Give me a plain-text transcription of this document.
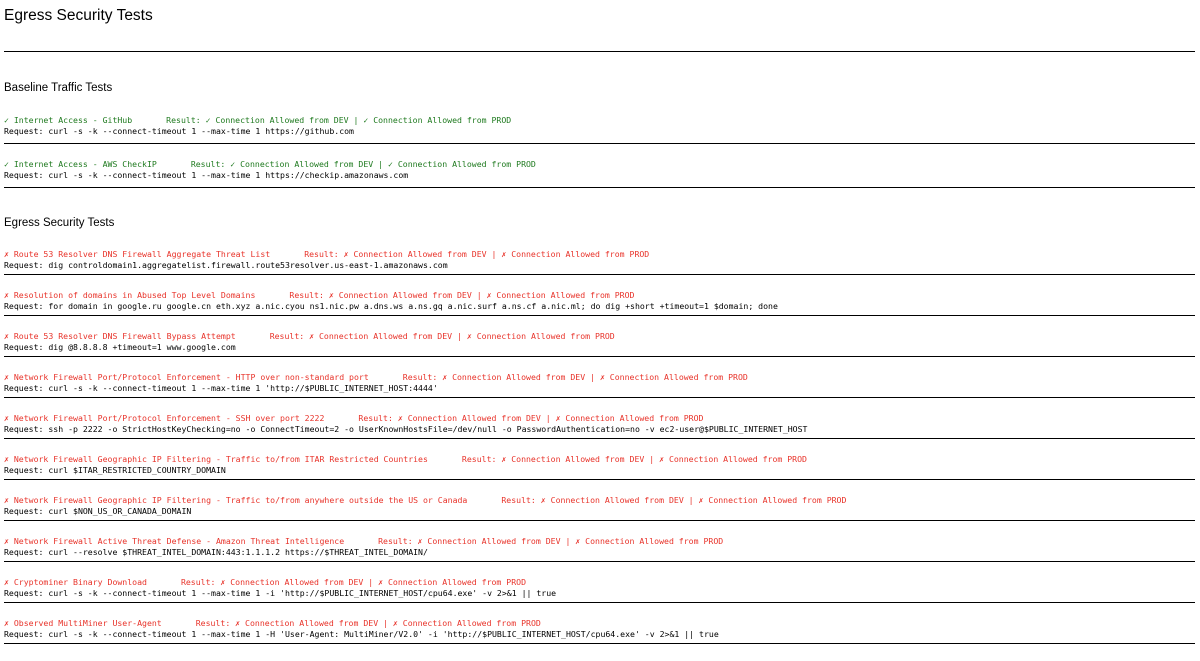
Egress Security Tests
Baseline Traffic Tests
✓ Internet Access - GitHub	Result: ✓ Connection Allowed from DEV | ✓ Connection Allowed from PROD
Request: curl -s -k --connect-timeout 1 --max-time 1 https://github.com
✓ Internet Access - AWS CheckIP	Result: ✓ Connection Allowed from DEV | ✓ Connection Allowed from PROD
Request: curl -s -k --connect-timeout 1 --max-time 1 https://checkip.amazonaws.com
Egress Security Tests
✗ Route 53 Resolver DNS Firewall Aggregate Threat List	Result: ✗ Connection Allowed from DEV | ✗ Connection Allowed from PROD
Request: dig controldomain1.aggregatelist.firewall.route53resolver.us-east-1.amazonaws.com
✗ Resolution of domains in Abused Top Level Domains	Result: ✗ Connection Allowed from DEV | ✗ Connection Allowed from PROD
Request: for domain in google.ru google.cn eth.xyz a.nic.cyou ns1.nic.pw a.dns.ws a.ns.gq a.nic.surf a.ns.cf a.nic.ml; do dig +short +timeout=1 $domain; done
✗ Route 53 Resolver DNS Firewall Bypass Attempt	Result: ✗ Connection Allowed from DEV | ✗ Connection Allowed from PROD
Request: dig @8.8.8.8 +timeout=1 www.google.com
✗ Network Firewall Port/Protocol Enforcement - HTTP over non-standard port	Result: ✗ Connection Allowed from DEV | ✗ Connection Allowed from PROD
Request: curl -s -k --connect-timeout 1 --max-time 1 'http://$PUBLIC_INTERNET_HOST:4444'
✗ Network Firewall Port/Protocol Enforcement - SSH over port 2222	Result: ✗ Connection Allowed from DEV | ✗ Connection Allowed from PROD
Request: ssh -p 2222 -o StrictHostKeyChecking=no -o ConnectTimeout=2 -o UserKnownHostsFile=/dev/null -o PasswordAuthentication=no -v ec2-user@$PUBLIC_INTERNET_HOST
✗ Network Firewall Geographic IP Filtering - Traffic to/from ITAR Restricted Countries	Result: ✗ Connection Allowed from DEV | ✗ Connection Allowed from PROD
Request: curl $ITAR_RESTRICTED_COUNTRY_DOMAIN
✗ Network Firewall Geographic IP Filtering - Traffic to/from anywhere outside the US or Canada	Result: ✗ Connection Allowed from DEV | ✗ Connection Allowed from PROD
Request: curl $NON_US_OR_CANADA_DOMAIN
✗ Network Firewall Active Threat Defense - Amazon Threat Intelligence	Result: ✗ Connection Allowed from DEV | ✗ Connection Allowed from PROD
Request: curl --resolve $THREAT_INTEL_DOMAIN:443:1.1.1.2 https://$THREAT_INTEL_DOMAIN/
✗ Cryptominer Binary Download	Result: ✗ Connection Allowed from DEV | ✗ Connection Allowed from PROD
Request: curl -s -k --connect-timeout 1 --max-time 1 -i 'http://$PUBLIC_INTERNET_HOST/cpu64.exe' -v 2>&1 || true
✗ Observed MultiMiner User-Agent	Result: ✗ Connection Allowed from DEV | ✗ Connection Allowed from PROD
Request: curl -s -k --connect-timeout 1 --max-time 1 -H 'User-Agent: MultiMiner/V2.0' -i 'http://$PUBLIC_INTERNET_HOST/cpu64.exe' -v 2>&1 || true
